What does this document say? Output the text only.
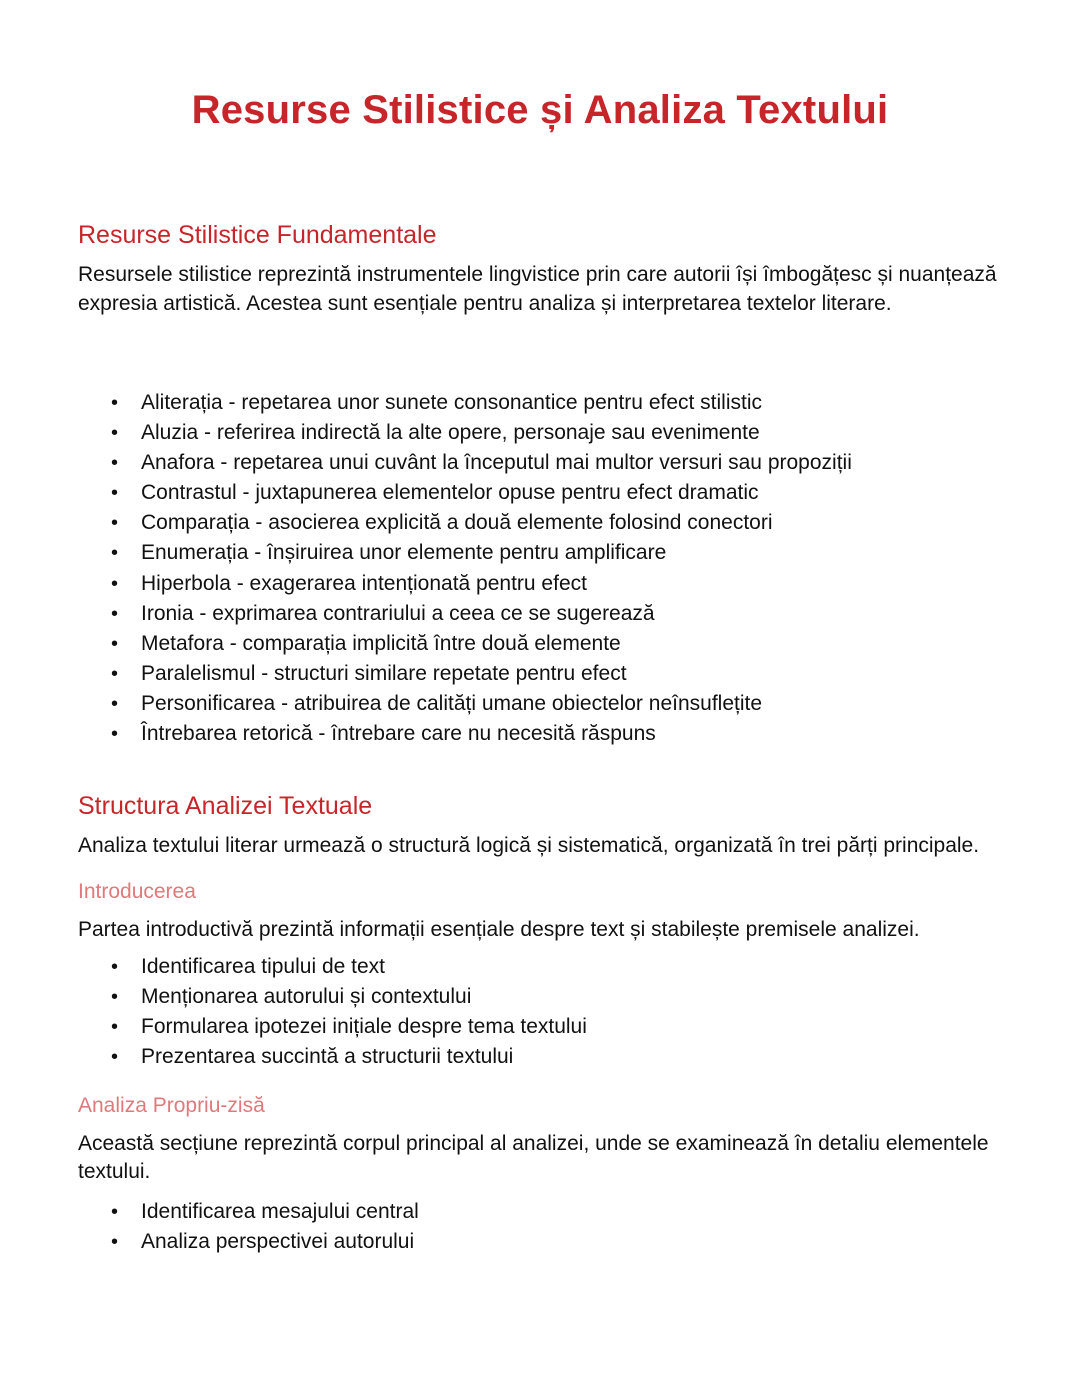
Resurse Stilistice și Analiza Textului
Resurse Stilistice Fundamentale

Resursele stilistice reprezintă instrumentele lingvistice prin care autorii își îmbogățesc și nuanțează expresia artistică. Acestea sunt esențiale pentru analiza și interpretarea textelor literare.

• Aliterația - repetarea unor sunete consonantice pentru efect stilistic
• Aluzia - referirea indirectă la alte opere, personaje sau evenimente
• Anafora - repetarea unui cuvânt la începutul mai multor versuri sau propoziții
• Contrastul - juxtapunerea elementelor opuse pentru efect dramatic
• Comparația - asocierea explicită a două elemente folosind conectori
• Enumerația - înșiruirea unor elemente pentru amplificare
• Hiperbola - exagerarea intenționată pentru efect
• Ironia - exprimarea contrariului a ceea ce se sugerează
• Metafora - comparația implicită între două elemente
• Paralelismul - structuri similare repetate pentru efect
• Personificarea - atribuirea de calități umane obiectelor neînsuflețite
• Întrebarea retorică - întrebare care nu necesită răspuns
Structura Analizei Textuale

Analiza textului literar urmează o structură logică și sistematică, organizată în trei părți principale.

Introducerea

Partea introductivă prezintă informații esențiale despre text și stabilește premisele analizei.

• Identificarea tipului de text
• Menționarea autorului și contextului
• Formularea ipotezei inițiale despre tema textului
• Prezentarea succintă a structurii textului
Analiza Propriu-zisă

Această secțiune reprezintă corpul principal al analizei, unde se examinează în detaliu elementele textului.

• Identificarea mesajului central
• Analiza perspectivei autorului
